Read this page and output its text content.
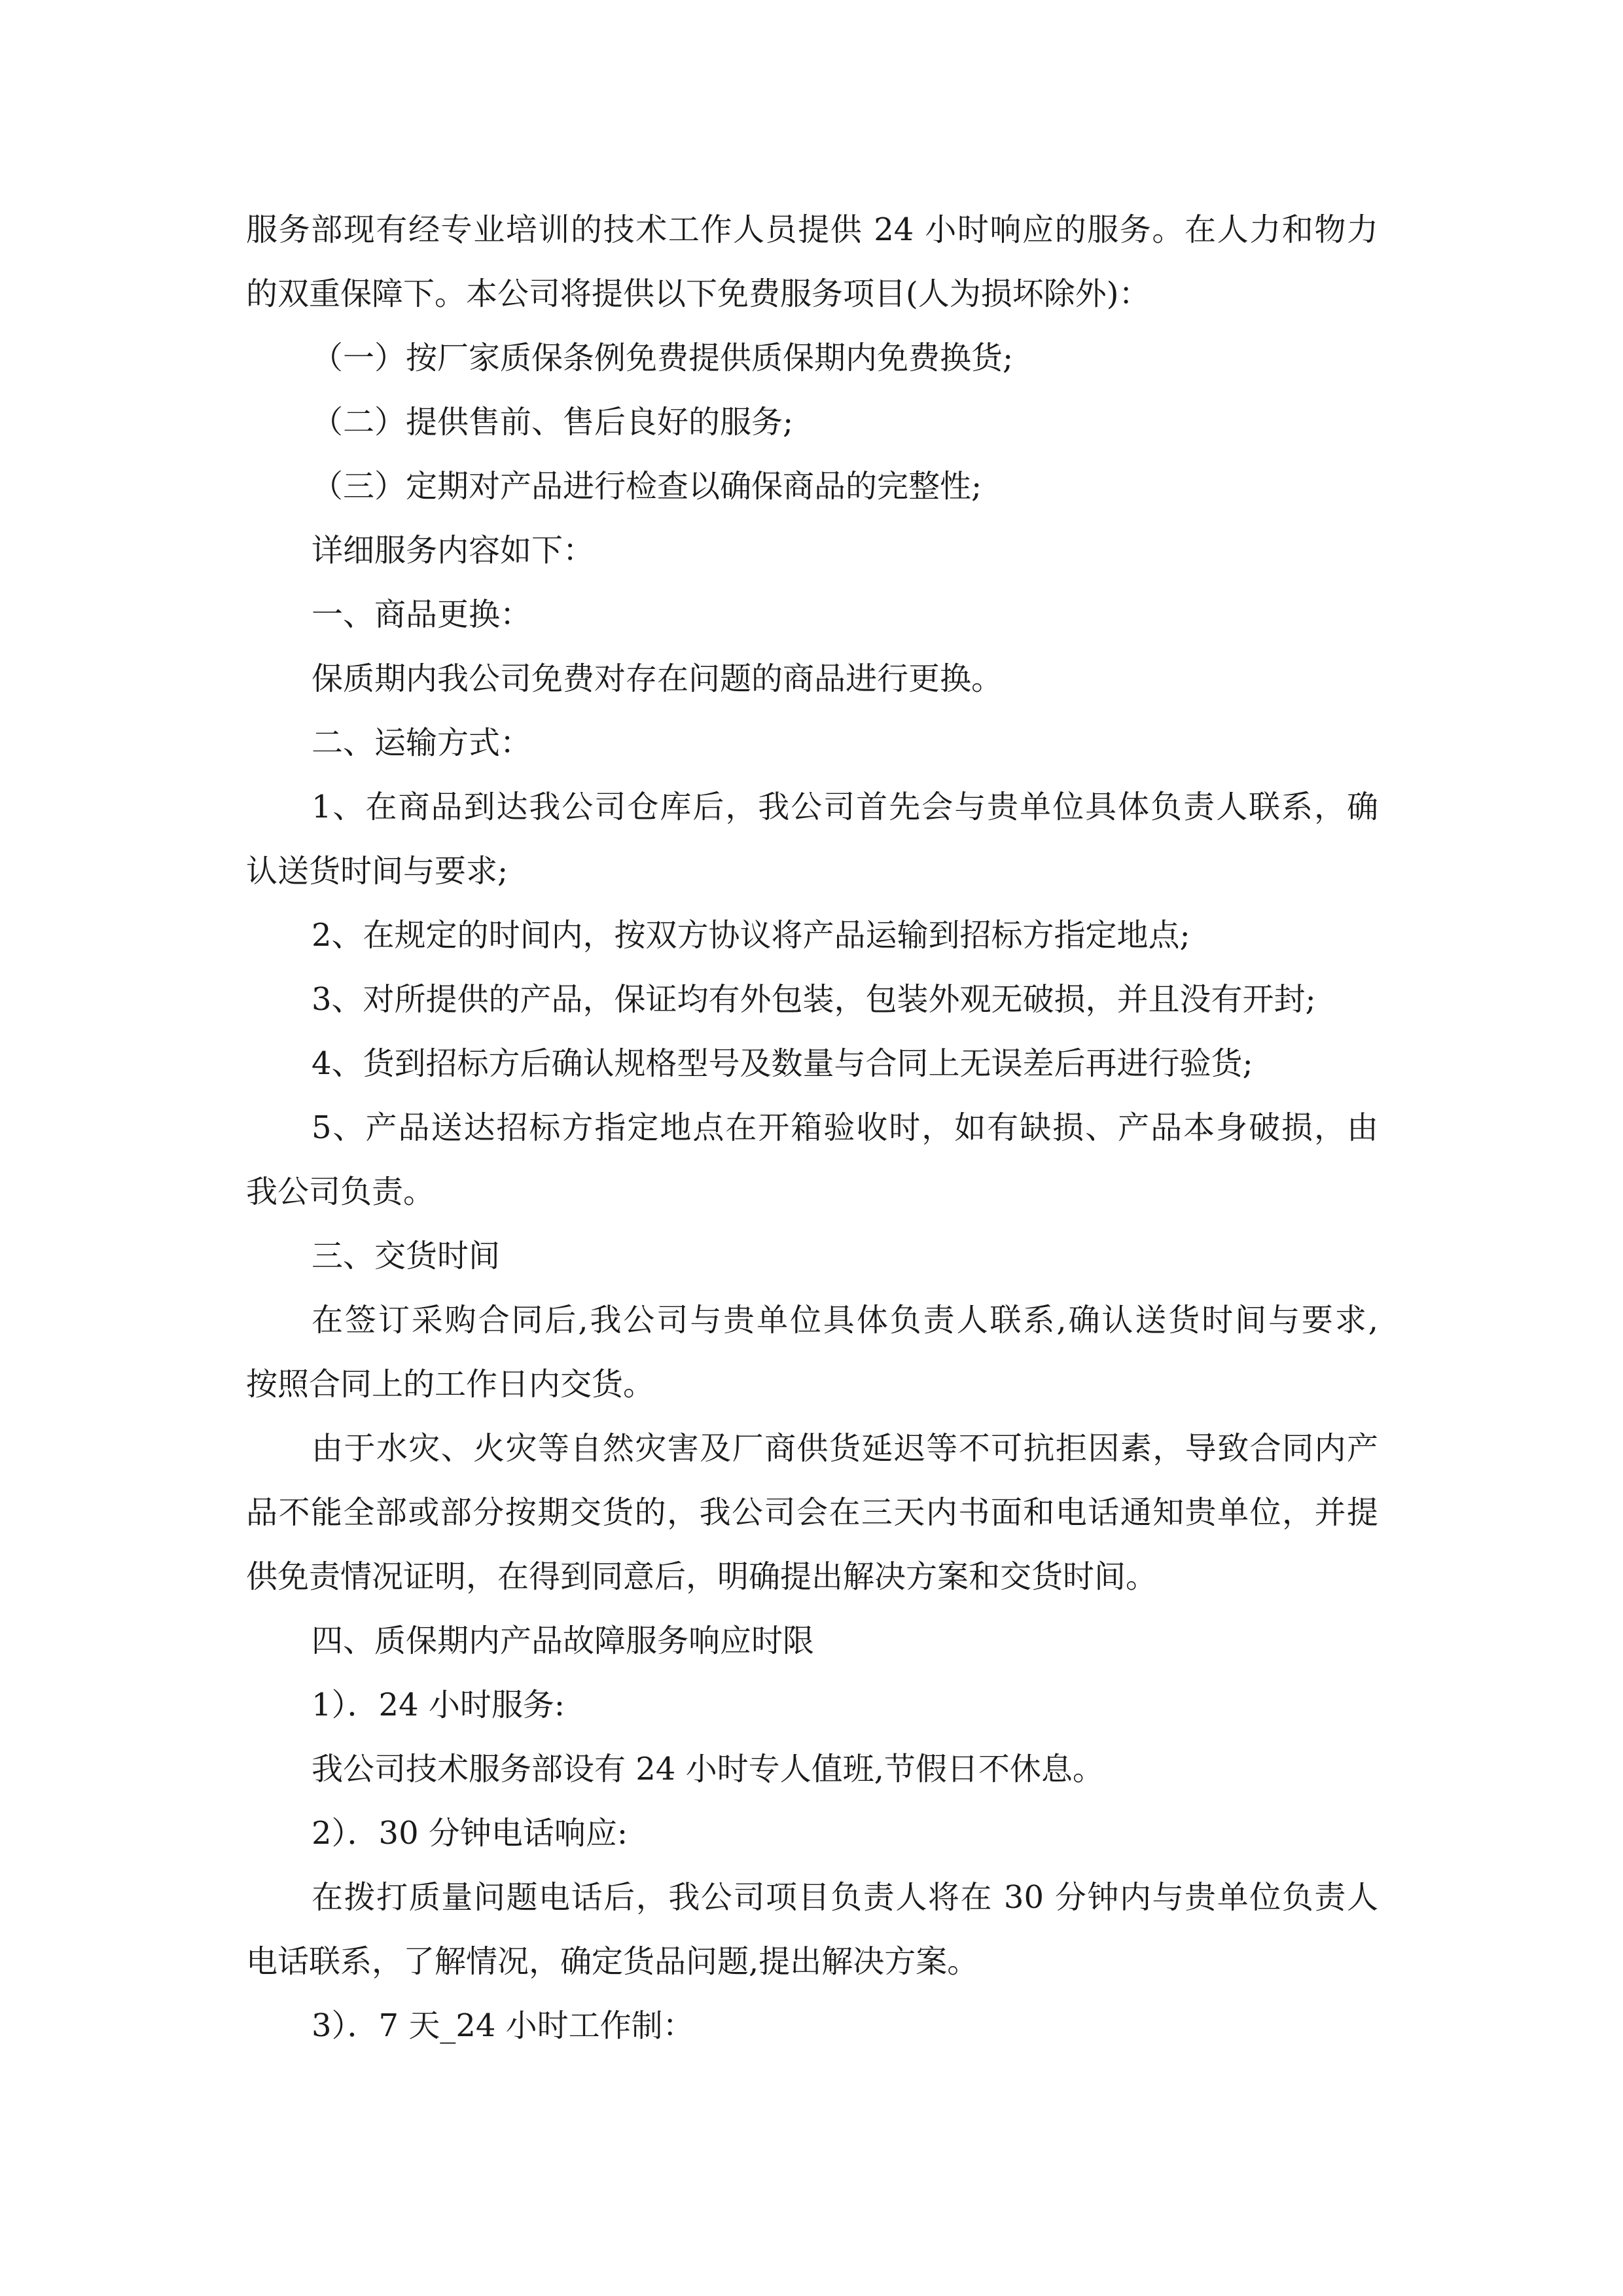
服务部现有经专业培训的技术工作人员提供 24 小时响应的服务。在人力和物力
的双重保障下。本公司将提供以下免费服务项目(人为损坏除外)：
（一）按厂家质保条例免费提供质保期内免费换货;
（二）提供售前、售后良好的服务;
（三）定期对产品进行检查以确保商品的完整性;
详细服务内容如下：
一、商品更换：
保质期内我公司免费对存在问题的商品进行更换。
二、运输方式：
1、在商品到达我公司仓库后，我公司首先会与贵单位具体负责人联系，确
认送货时间与要求;
2、在规定的时间内，按双方协议将产品运输到招标方指定地点;
3、对所提供的产品，保证均有外包装，包装外观无破损，并且没有开封;
4、货到招标方后确认规格型号及数量与合同上无误差后再进行验货;
5、产品送达招标方指定地点在开箱验收时，如有缺损、产品本身破损，由
我公司负责。
三、交货时间
在签订采购合同后,我公司与贵单位具体负责人联系,确认送货时间与要求,
按照合同上的工作日内交货。
由于水灾、火灾等自然灾害及厂商供货延迟等不可抗拒因素，导致合同内产
品不能全部或部分按期交货的，我公司会在三天内书面和电话通知贵单位，并提
供免责情况证明，在得到同意后，明确提出解决方案和交货时间。
四、质保期内产品故障服务响应时限
1）．24 小时服务:
我公司技术服务部设有 24 小时专人值班,节假日不休息。
2）．30 分钟电话响应:
在拨打质量问题电话后，我公司项目负责人将在 30 分钟内与贵单位负责人
电话联系，了解情况，确定货品问题,提出解决方案。
3）．7 天_24 小时工作制：
